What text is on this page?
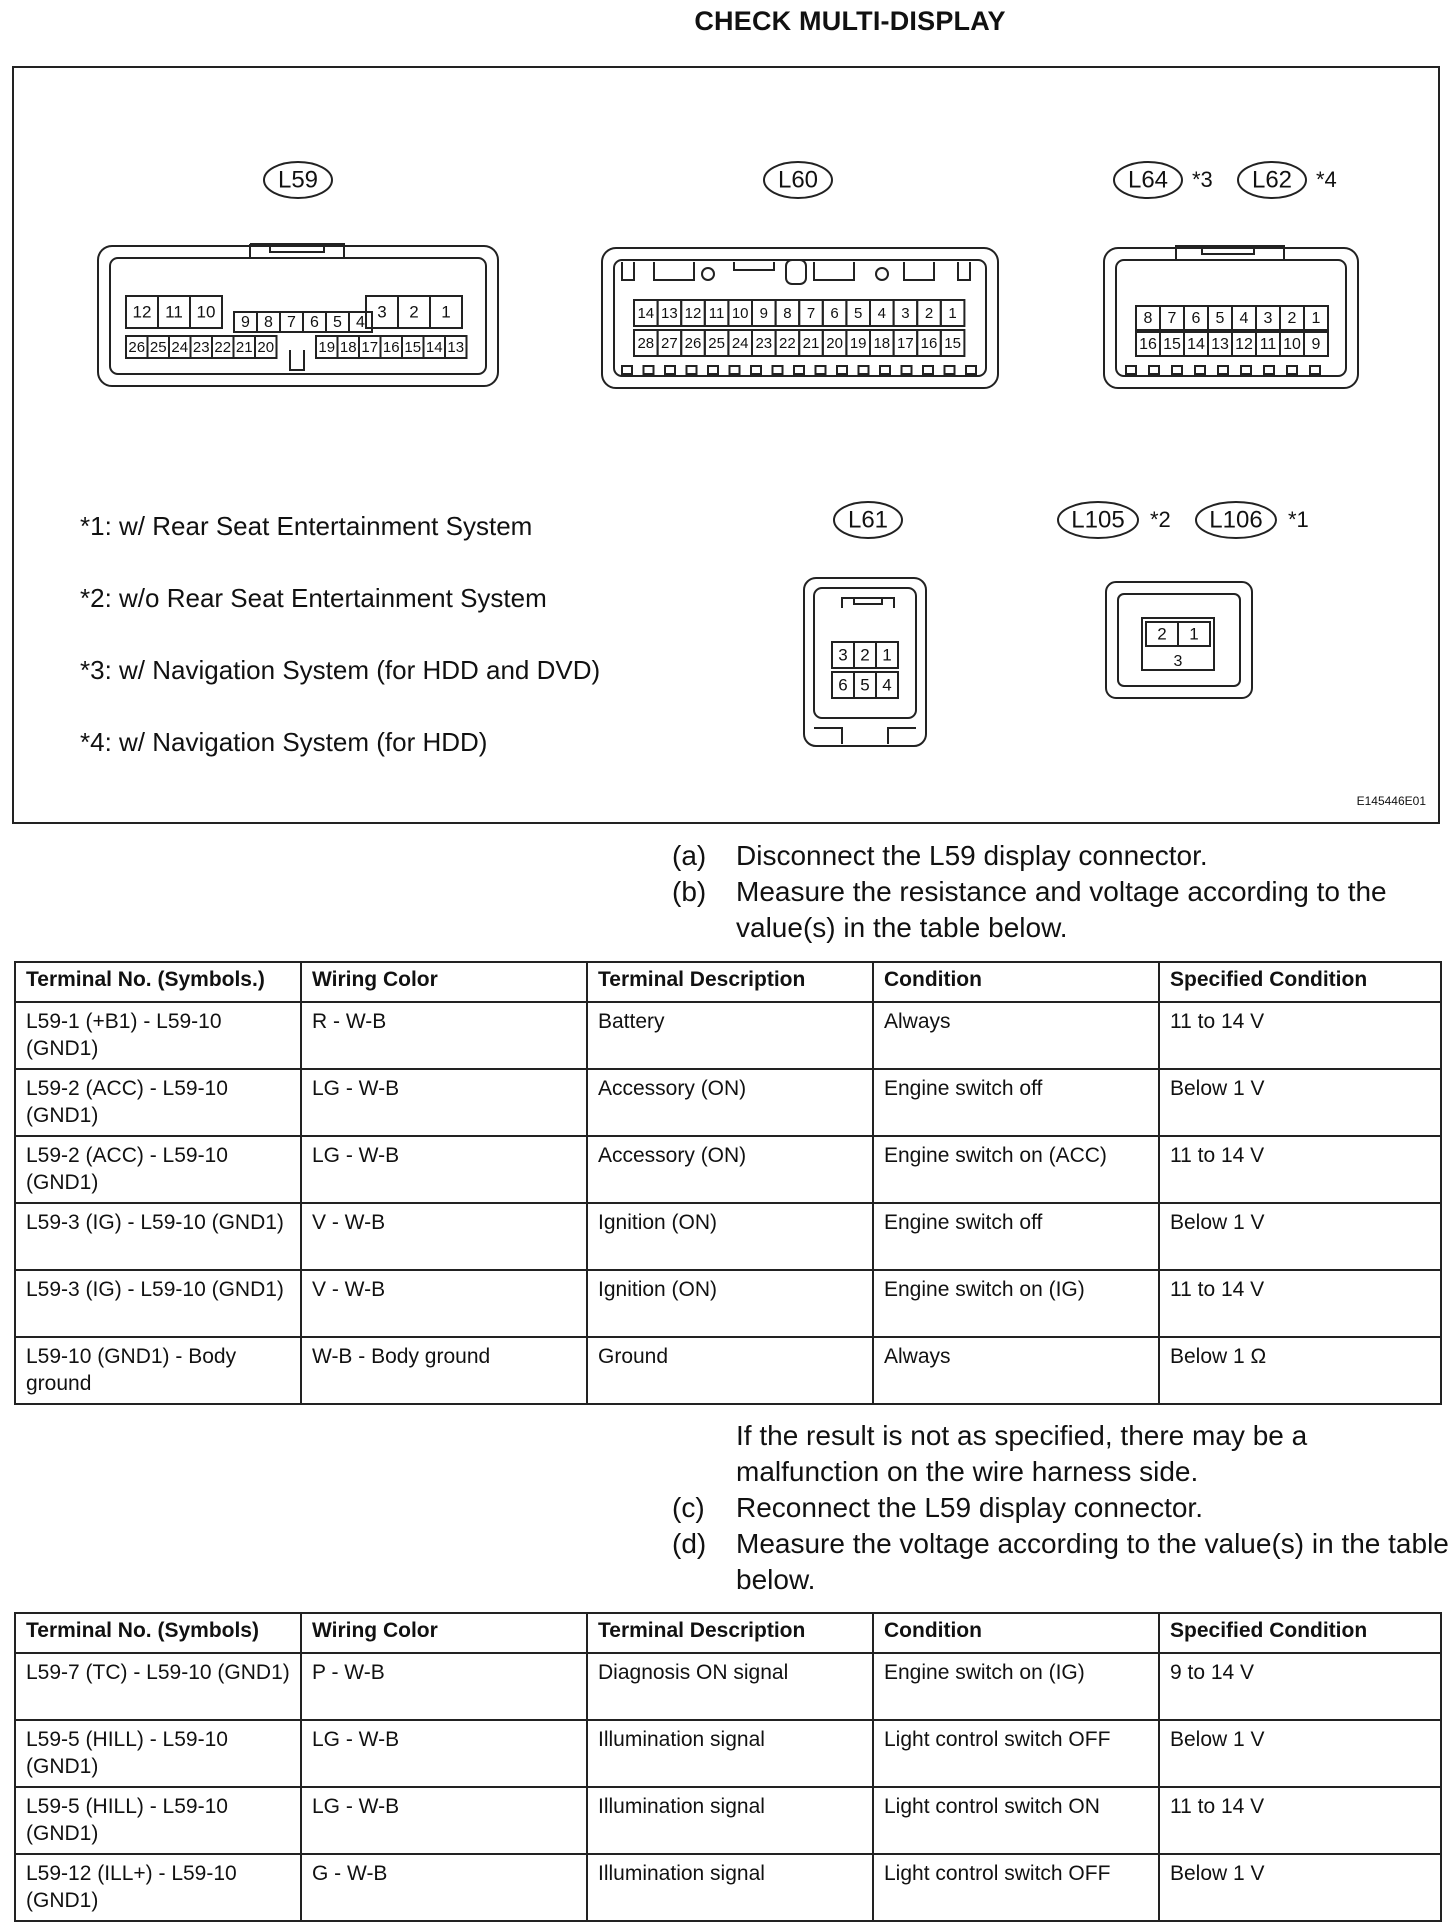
CHECK MULTI-DISPLAY
L59
12 11 10
9 8 7 6 5 4
3 2 1
26 25 24 23 22 21 20	19 18 17 16 15 14 13
L60
14 13 12 11 10 9 8 7 6 5 4 3 2 1
28 27 26 25 24 23 22 21 20 19 18 17 16 15
L64 *3 L62 *4
8 7 6 5 4 3 2 1
16 15 14 13 12 11 10 9
L61
3 2 1
6 5 4
L105 *2 L106 *1
2 1
3
*1: w/ Rear Seat Entertainment System
*2: w/o Rear Seat Entertainment System
*3: w/ Navigation System (for HDD and DVD)
*4: w/ Navigation System (for HDD)
E145446E01
(a)	Disconnect the L59 display connector.
(b)	Measure the resistance and voltage according to the value(s) in the table below.
Terminal No. (Symbols.)	Wiring Color	Terminal Description	Condition	Specified Condition
L59-1 (+B1) - L59-10 (GND1)	R - W-B	Battery	Always	11 to 14 V
L59-2 (ACC) - L59-10 (GND1)	LG - W-B	Accessory (ON)	Engine switch off	Below 1 V
L59-2 (ACC) - L59-10 (GND1)	LG - W-B	Accessory (ON)	Engine switch on (ACC)	11 to 14 V
L59-3 (IG) - L59-10 (GND1)	V - W-B	Ignition (ON)	Engine switch off	Below 1 V
L59-3 (IG) - L59-10 (GND1)	V - W-B	Ignition (ON)	Engine switch on (IG)	11 to 14 V
L59-10 (GND1) - Body ground	W-B - Body ground	Ground	Always	Below 1 Ω
If the result is not as specified, there may be a malfunction on the wire harness side.
(c)	Reconnect the L59 display connector.
(d)	Measure the voltage according to the value(s) in the table below.
Terminal No. (Symbols)	Wiring Color	Terminal Description	Condition	Specified Condition
L59-7 (TC) - L59-10 (GND1)	P - W-B	Diagnosis ON signal	Engine switch on (IG)	9 to 14 V
L59-5 (HILL) - L59-10 (GND1)	LG - W-B	Illumination signal	Light control switch OFF	Below 1 V
L59-5 (HILL) - L59-10 (GND1)	LG - W-B	Illumination signal	Light control switch ON	11 to 14 V
L59-12 (ILL+) - L59-10 (GND1)	G - W-B	Illumination signal	Light control switch OFF	Below 1 V
